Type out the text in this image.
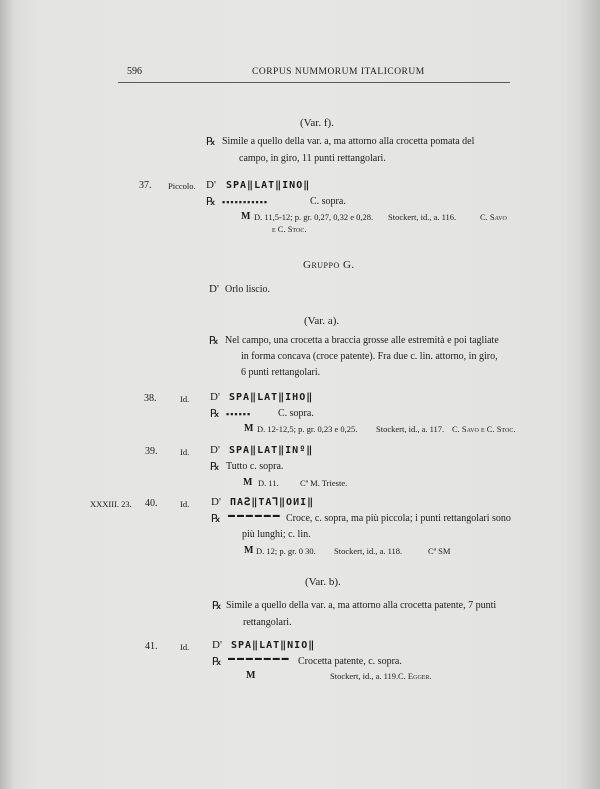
596	CORPUS NUMMORUM ITALICORUM
(Var. f).
℞ Simile a quello della var. a, ma attorno alla crocetta pomata del
campo, in giro, 11 punti rettangolari.
37. Piccolo. D' SPA‖LAT‖INO‖
℞ ▪▪▪▪▪▪▪▪▪▪▪	C. sopra.
M D. 11,5-12; p. gr. 0,27, 0,32 e 0,28. Stockert, id., a. 116.	C. Savo
e C. Stoc.
Gruppo G.
D' Orlo liscio.
(Var. a).
℞ Nel campo, una crocetta a braccia grosse alle estremità e poi tagliate
in forma concava (croce patente). Fra due c. lin. attorno, in giro,
6 punti rettangolari.
38.	Id. D' SPA‖LAT‖IHO‖
℞ ▪▪▪▪▪▪	C. sopra.
M D. 12-12,5; p. gr. 0,23 e 0,25. Stockert, id., a. 117. C. Savo e C. Stoc.
39.	Id. D' SPA‖LAT‖INº‖
℞ Tutto c. sopra.
M D. 11.	Cª M. Trieste.
XXXIII. 23. 40.	Id. D' ΠAꙄ‖TAꓶ‖OИI‖
℞ ▬ ▬ ▬ ▬ ▬ ▬ Croce, c. sopra, ma più piccola; i punti rettangolari sono
più lunghi; c. lin.
M D. 12; p. gr. 0 30. Stockert, id., a. 118.	Cª SM
(Var. b).
℞ Simile a quello della var. a, ma attorno alla crocetta patente, 7 punti
rettangolari.
41.	Id. D' SPA‖LAT‖NIO‖
℞ ▬ ▬ ▬ ▬ ▬ ▬ ▬ Crocetta patente, c. sopra.
M	Stockert, id., a. 119. C. Egger.
